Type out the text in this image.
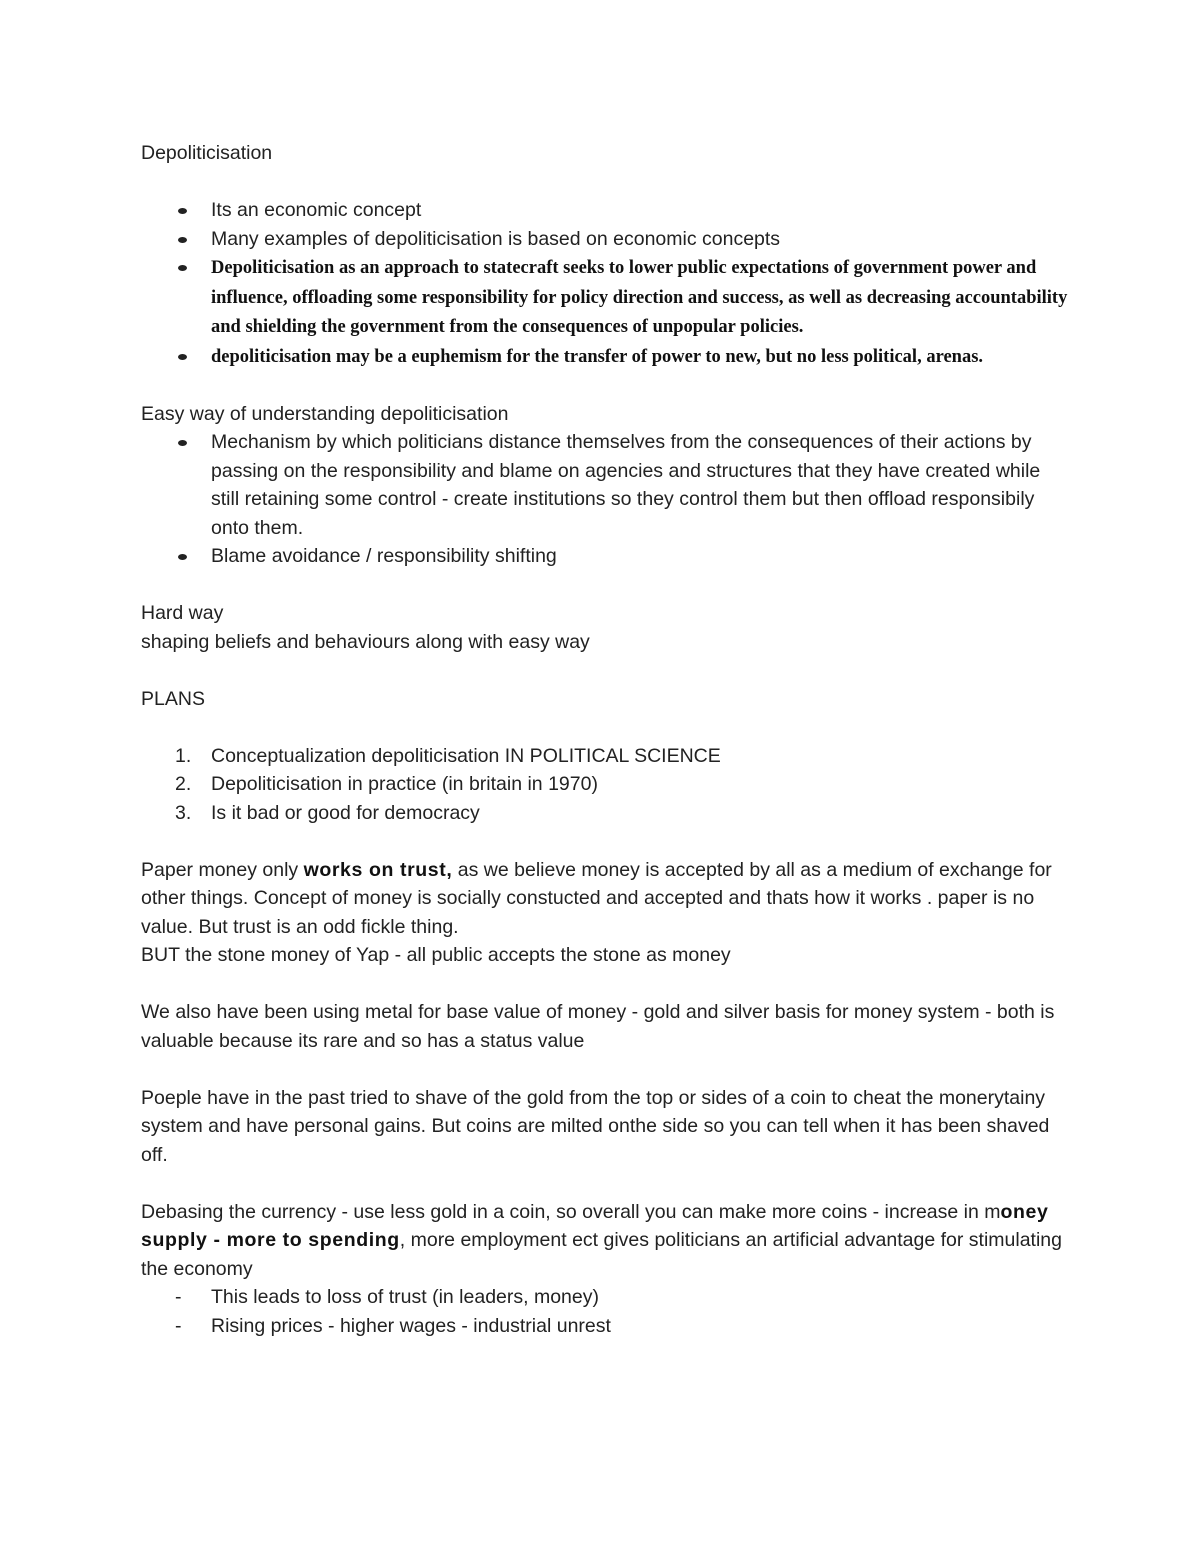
Depoliticisation

Its an economic concept
Many examples of depoliticisation is based on economic concepts
Depoliticisation as an approach to statecraft seeks to lower public expectations of government power and influence, offloading some responsibility for policy direction and success, as well as decreasing accountability and shielding the government from the consequences of unpopular policies.
depoliticisation may be a euphemism for the transfer of power to new, but no less political, arenas.

Easy way of understanding depoliticisation

Mechanism by which politicians distance themselves from the consequences of their actions by passing on the responsibility and blame on agencies and structures that they have created while still retaining some control - create institutions so they control them but then offload responsibily onto them.
Blame avoidance / responsibility shifting

Hard way

shaping beliefs and behaviours along with easy way

PLANS

1. Conceptualization depoliticisation IN POLITICAL SCIENCE
2. Depoliticisation in practice (in britain in 1970)
3. Is it bad or good for democracy

Paper money only works on trust, as we believe money is accepted by all as a medium of exchange for other things. Concept of money is socially constucted and accepted and thats how it works . paper is no value. But trust is an odd fickle thing.

BUT the stone money of Yap - all public accepts the stone as money

We also have been using metal for base value of money - gold and silver basis for money system - both is valuable because its rare and so has a status value

Poeple have in the past tried to shave of the gold from the top or sides of a coin to cheat the monerytainy system and have personal gains. But coins are milted onthe side so you can tell when it has been shaved off.

Debasing the currency - use less gold in a coin, so overall you can make more coins - increase in money supply - more to spending, more employment ect gives politicians an artificial advantage for stimulating the economy

- This leads to loss of trust (in leaders, money)
- Rising prices - higher wages - industrial unrest
